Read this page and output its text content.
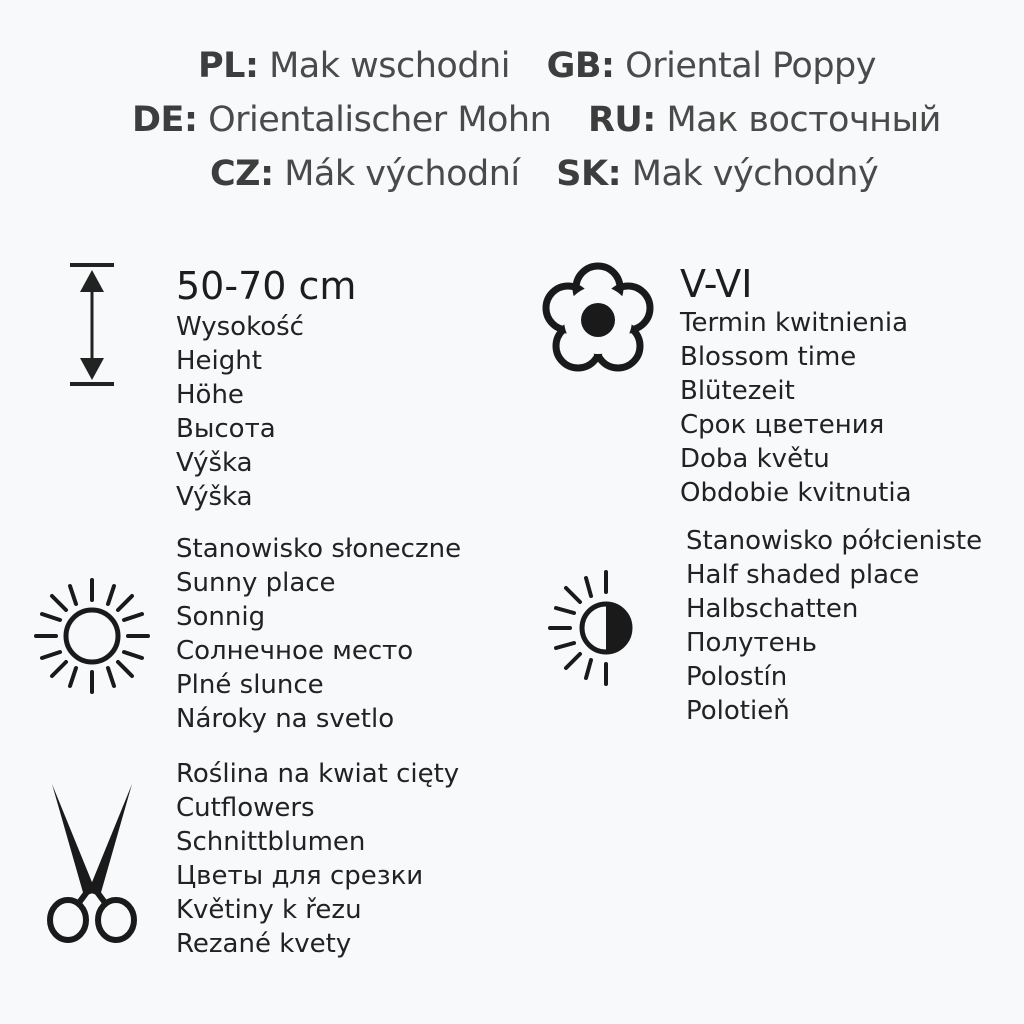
PL: Mak wschodni GB: Oriental Poppy
DE: Orientalischer Mohn RU: Мак восточный
CZ: Mák východní SK: Mak východný
50-70 cm
Wysokość
Height
Höhe
Высота
Výška
Výška
V-VI
Termin kwitnienia
Blossom time
Blütezeit
Срок цветения
Doba květu
Obdobie kvitnutia
Stanowisko słoneczne
Sunny place
Sonnig
Солнечное место
Plné slunce
Nároky na svetlo
Stanowisko półcieniste
Half shaded place
Halbschatten
Полутень
Polostín
Polotieň
Roślina na kwiat cięty
Cutflowers
Schnittblumen
Цветы для срезки
Květiny k řezu
Rezané kvety
